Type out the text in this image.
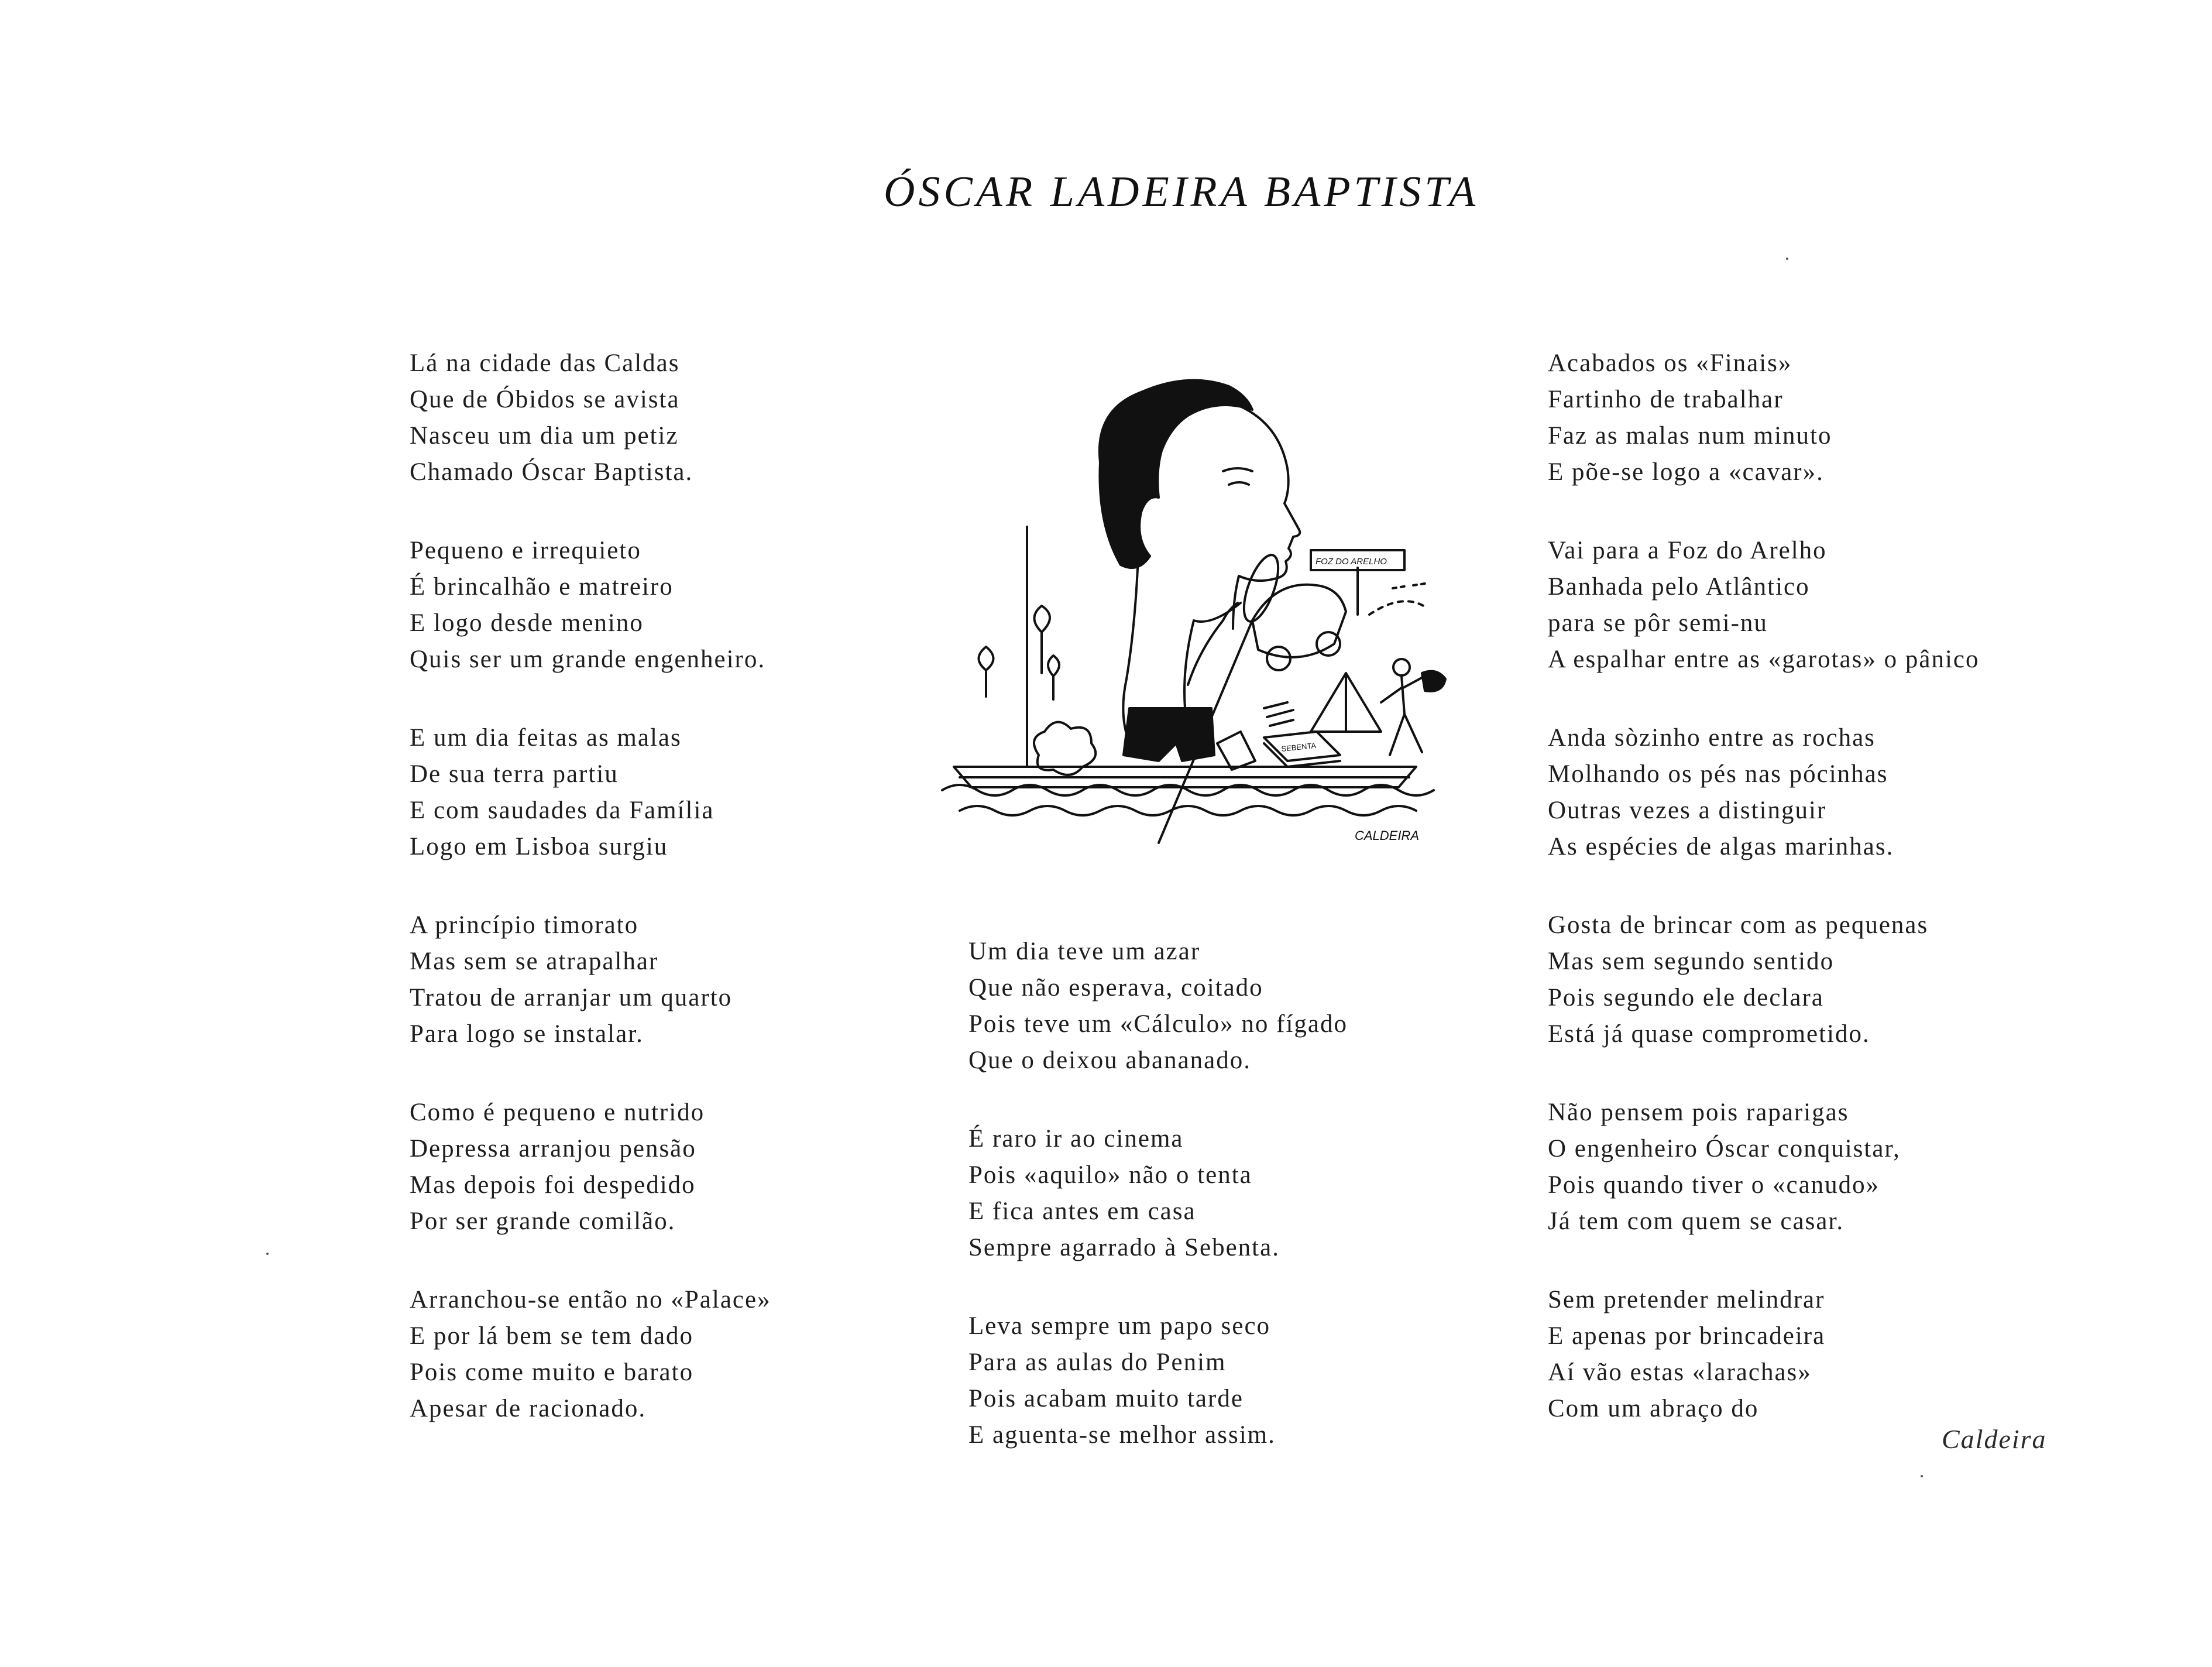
ÓSCAR LADEIRA BAPTISTA
Lá na cidade das Caldas
Que de Óbidos se avista
Nasceu um dia um petiz
Chamado Óscar Baptista.
Pequeno e irrequieto
É brincalhão e matreiro
E logo desde menino
Quis ser um grande engenheiro.
E um dia feitas as malas
De sua terra partiu
E com saudades da Família
Logo em Lisboa surgiu
A princípio timorato
Mas sem se atrapalhar
Tratou de arranjar um quarto
Para logo se instalar.
Como é pequeno e nutrido
Depressa arranjou pensão
Mas depois foi despedido
Por ser grande comilão.
Arranchou-se então no «Palace»
E por lá bem se tem dado
Pois come muito e barato
Apesar de racionado.
FOZ DO ARELHO
SEBENTA
CALDEIRA
Um dia teve um azar
Que não esperava, coitado
Pois teve um «Cálculo» no fígado
Que o deixou abananado.
É raro ir ao cinema
Pois «aquilo» não o tenta
E fica antes em casa
Sempre agarrado à Sebenta.
Leva sempre um papo seco
Para as aulas do Penim
Pois acabam muito tarde
E aguenta-se melhor assim.
Acabados os «Finais»
Fartinho de trabalhar
Faz as malas num minuto
E põe-se logo a «cavar».
Vai para a Foz do Arelho
Banhada pelo Atlântico
para se pôr semi-nu
A espalhar entre as «garotas» o pânico
Anda sòzinho entre as rochas
Molhando os pés nas pócinhas
Outras vezes a distinguir
As espécies de algas marinhas.
Gosta de brincar com as pequenas
Mas sem segundo sentido
Pois segundo ele declara
Está já quase comprometido.
Não pensem pois raparigas
O engenheiro Óscar conquistar,
Pois quando tiver o «canudo»
Já tem com quem se casar.
Sem pretender melindrar
E apenas por brincadeira
Aí vão estas «larachas»
Com um abraço do
Caldeira
